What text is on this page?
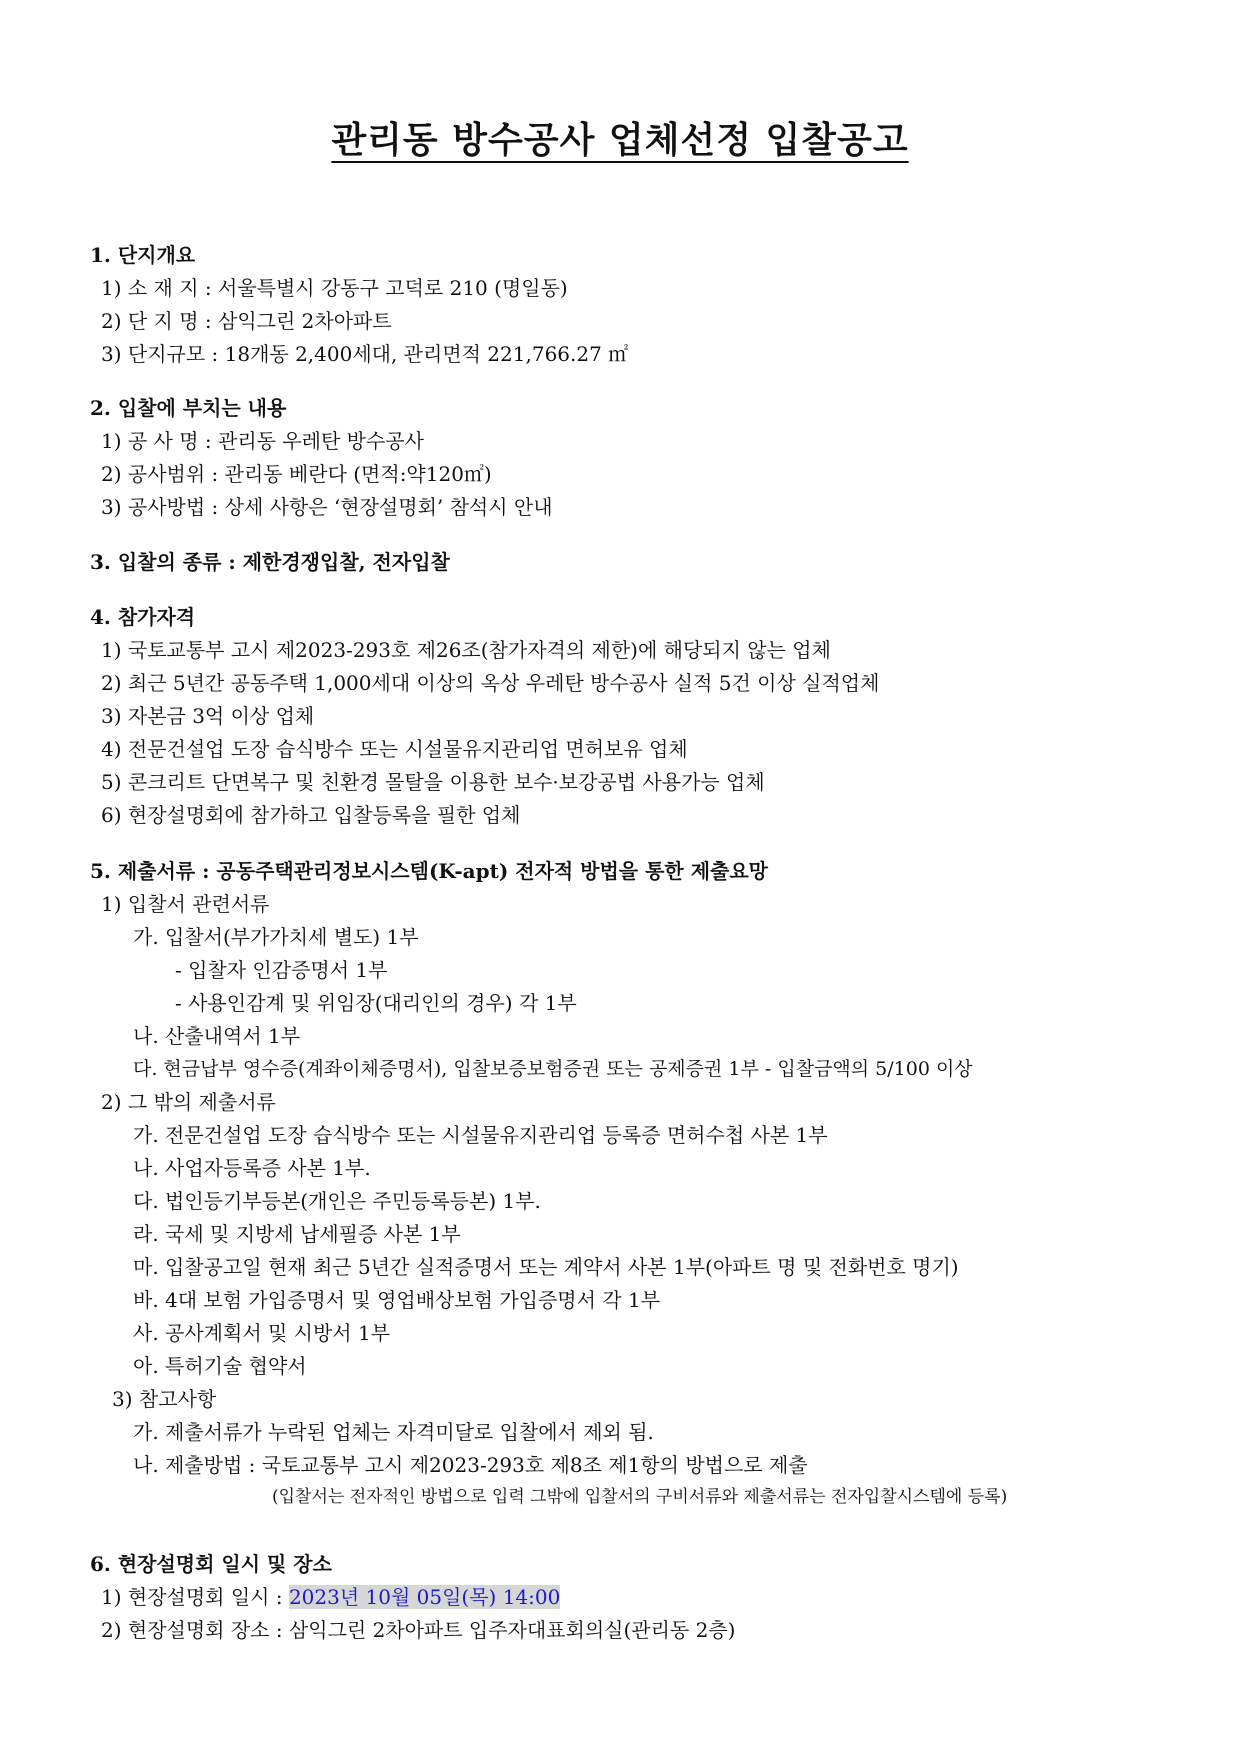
관리동 방수공사 업체선정 입찰공고
1. 단지개요
1) 소 재 지 : 서울특별시 강동구 고덕로 210 (명일동)
2) 단 지 명 : 삼익그린 2차아파트
3) 단지규모 : 18개동 2,400세대, 관리면적 221,766.27 ㎡
2. 입찰에 부치는 내용
1) 공 사 명 : 관리동 우레탄 방수공사
2) 공사범위 : 관리동 베란다 (면적:약120㎡)
3) 공사방법 : 상세 사항은 ‘현장설명회’ 참석시 안내
3. 입찰의 종류 : 제한경쟁입찰, 전자입찰
4. 참가자격
1) 국토교통부 고시 제2023-293호 제26조(참가자격의 제한)에 해당되지 않는 업체
2) 최근 5년간 공동주택 1,000세대 이상의 옥상 우레탄 방수공사 실적 5건 이상 실적업체
3) 자본금 3억 이상 업체
4) 전문건설업 도장 습식방수 또는 시설물유지관리업 면허보유 업체
5) 콘크리트 단면복구 및 친환경 몰탈을 이용한 보수·보강공법 사용가능 업체
6) 현장설명회에 참가하고 입찰등록을 필한 업체
5. 제출서류 : 공동주택관리정보시스템(K-apt) 전자적 방법을 통한 제출요망
1) 입찰서 관련서류
가. 입찰서(부가가치세 별도) 1부
- 입찰자 인감증명서 1부
- 사용인감계 및 위임장(대리인의 경우) 각 1부
나. 산출내역서 1부
다. 현금납부 영수증(계좌이체증명서), 입찰보증보험증권 또는 공제증권 1부 - 입찰금액의 5/100 이상
2) 그 밖의 제출서류
가. 전문건설업 도장 습식방수 또는 시설물유지관리업 등록증 면허수첩 사본 1부
나. 사업자등록증 사본 1부.
다. 법인등기부등본(개인은 주민등록등본) 1부.
라. 국세 및 지방세 납세필증 사본 1부
마. 입찰공고일 현재 최근 5년간 실적증명서 또는 계약서 사본 1부(아파트 명 및 전화번호 명기)
바. 4대 보험 가입증명서 및 영업배상보험 가입증명서 각 1부
사. 공사계획서 및 시방서 1부
아. 특허기술 협약서
3) 참고사항
가. 제출서류가 누락된 업체는 자격미달로 입찰에서 제외 됨.
나. 제출방법 : 국토교통부 고시 제2023-293호 제8조 제1항의 방법으로 제출
(입찰서는 전자적인 방법으로 입력 그밖에 입찰서의 구비서류와 제출서류는 전자입찰시스템에 등록)
6. 현장설명회 일시 및 장소
1) 현장설명회 일시 : 2023년 10월 05일(목) 14:00
2) 현장설명회 장소 : 삼익그린 2차아파트 입주자대표회의실(관리동 2층)
